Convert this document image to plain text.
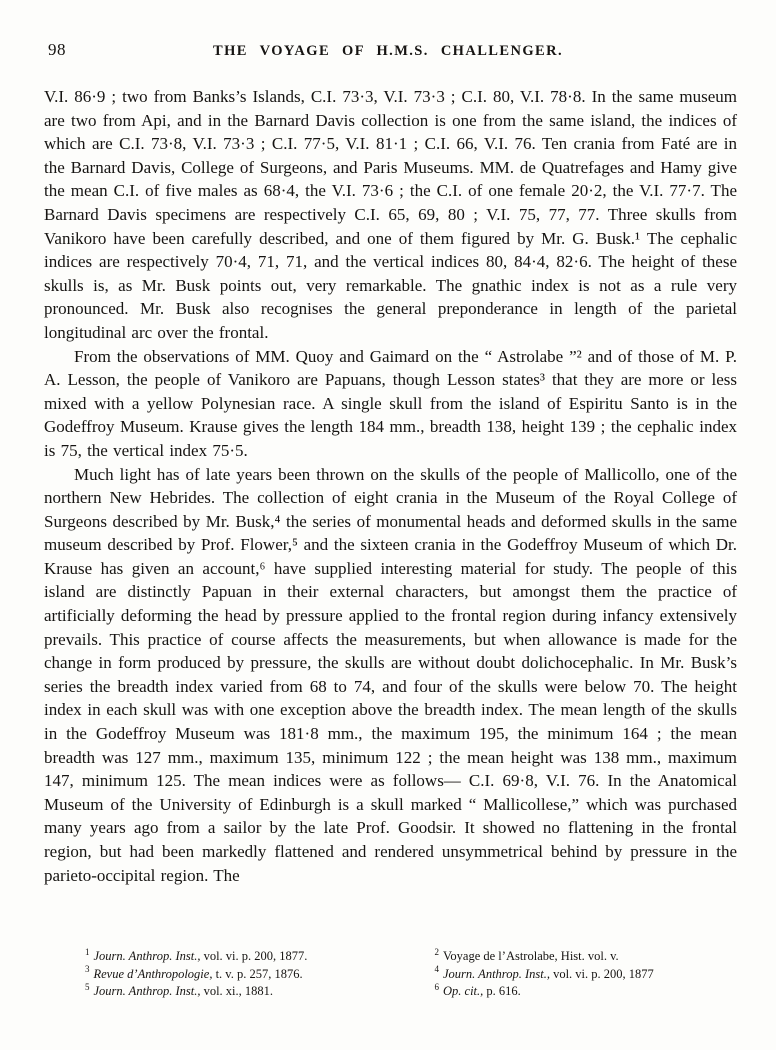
98	THE VOYAGE OF H.M.S. CHALLENGER.

V.I. 86·9 ; two from Banks’s Islands, C.I. 73·3, V.I. 73·3 ; C.I. 80, V.I. 78·8. In the same museum are two from Api, and in the Barnard Davis collection is one from the same island, the indices of which are C.I. 73·8, V.I. 73·3 ; C.I. 77·5, V.I. 81·1 ; C.I. 66, V.I. 76. Ten crania from Faté are in the Barnard Davis, College of Surgeons, and Paris Museums. MM. de Quatrefages and Hamy give the mean C.I. of five males as 68·4, the V.I. 73·6 ; the C.I. of one female 20·2, the V.I. 77·7. The Barnard Davis specimens are respectively C.I. 65, 69, 80 ; V.I. 75, 77, 77. Three skulls from Vanikoro have been carefully described, and one of them figured by Mr. G. Busk.¹ The cephalic indices are respectively 70·4, 71, 71, and the vertical indices 80, 84·4, 82·6. The height of these skulls is, as Mr. Busk points out, very remarkable. The gnathic index is not as a rule very pronounced. Mr. Busk also recognises the general preponderance in length of the parietal longitudinal arc over the frontal.

From the observations of MM. Quoy and Gaimard on the “ Astrolabe ”² and of those of M. P. A. Lesson, the people of Vanikoro are Papuans, though Lesson states³ that they are more or less mixed with a yellow Polynesian race. A single skull from the island of Espiritu Santo is in the Godeffroy Museum. Krause gives the length 184 mm., breadth 138, height 139 ; the cephalic index is 75, the vertical index 75·5.

Much light has of late years been thrown on the skulls of the people of Mallicollo, one of the northern New Hebrides. The collection of eight crania in the Museum of the Royal College of Surgeons described by Mr. Busk,⁴ the series of monumental heads and deformed skulls in the same museum described by Prof. Flower,⁵ and the sixteen crania in the Godeffroy Museum of which Dr. Krause has given an account,⁶ have supplied interesting material for study. The people of this island are distinctly Papuan in their external characters, but amongst them the practice of artificially deforming the head by pressure applied to the frontal region during infancy extensively prevails. This practice of course affects the measurements, but when allowance is made for the change in form produced by pressure, the skulls are without doubt dolichocephalic. In Mr. Busk’s series the breadth index varied from 68 to 74, and four of the skulls were below 70. The height index in each skull was with one exception above the breadth index. The mean length of the skulls in the Godeffroy Museum was 181·8 mm., the maximum 195, the minimum 164 ; the mean breadth was 127 mm., maximum 135, minimum 122 ; the mean height was 138 mm., maximum 147, minimum 125. The mean indices were as follows— C.I. 69·8, V.I. 76. In the Anatomical Museum of the University of Edinburgh is a skull marked “ Mallicollese,” which was purchased many years ago from a sailor by the late Prof. Goodsir. It showed no flattening in the frontal region, but had been markedly flattened and rendered unsymmetrical behind by pressure in the parieto-occipital region. The

$^1$ Journ. Anthrop. Inst., vol. vi. p. 200, 1877.
$^3$ Revue d’Anthropologie, t. v. p. 257, 1876.
$^5$ Journ. Anthrop. Inst., vol. xi., 1881.
$^2$ Voyage de l’Astrolabe, Hist. vol. v.
$^4$ Journ. Anthrop. Inst., vol. vi. p. 200, 1877
$^6$ Op. cit., p. 616.
